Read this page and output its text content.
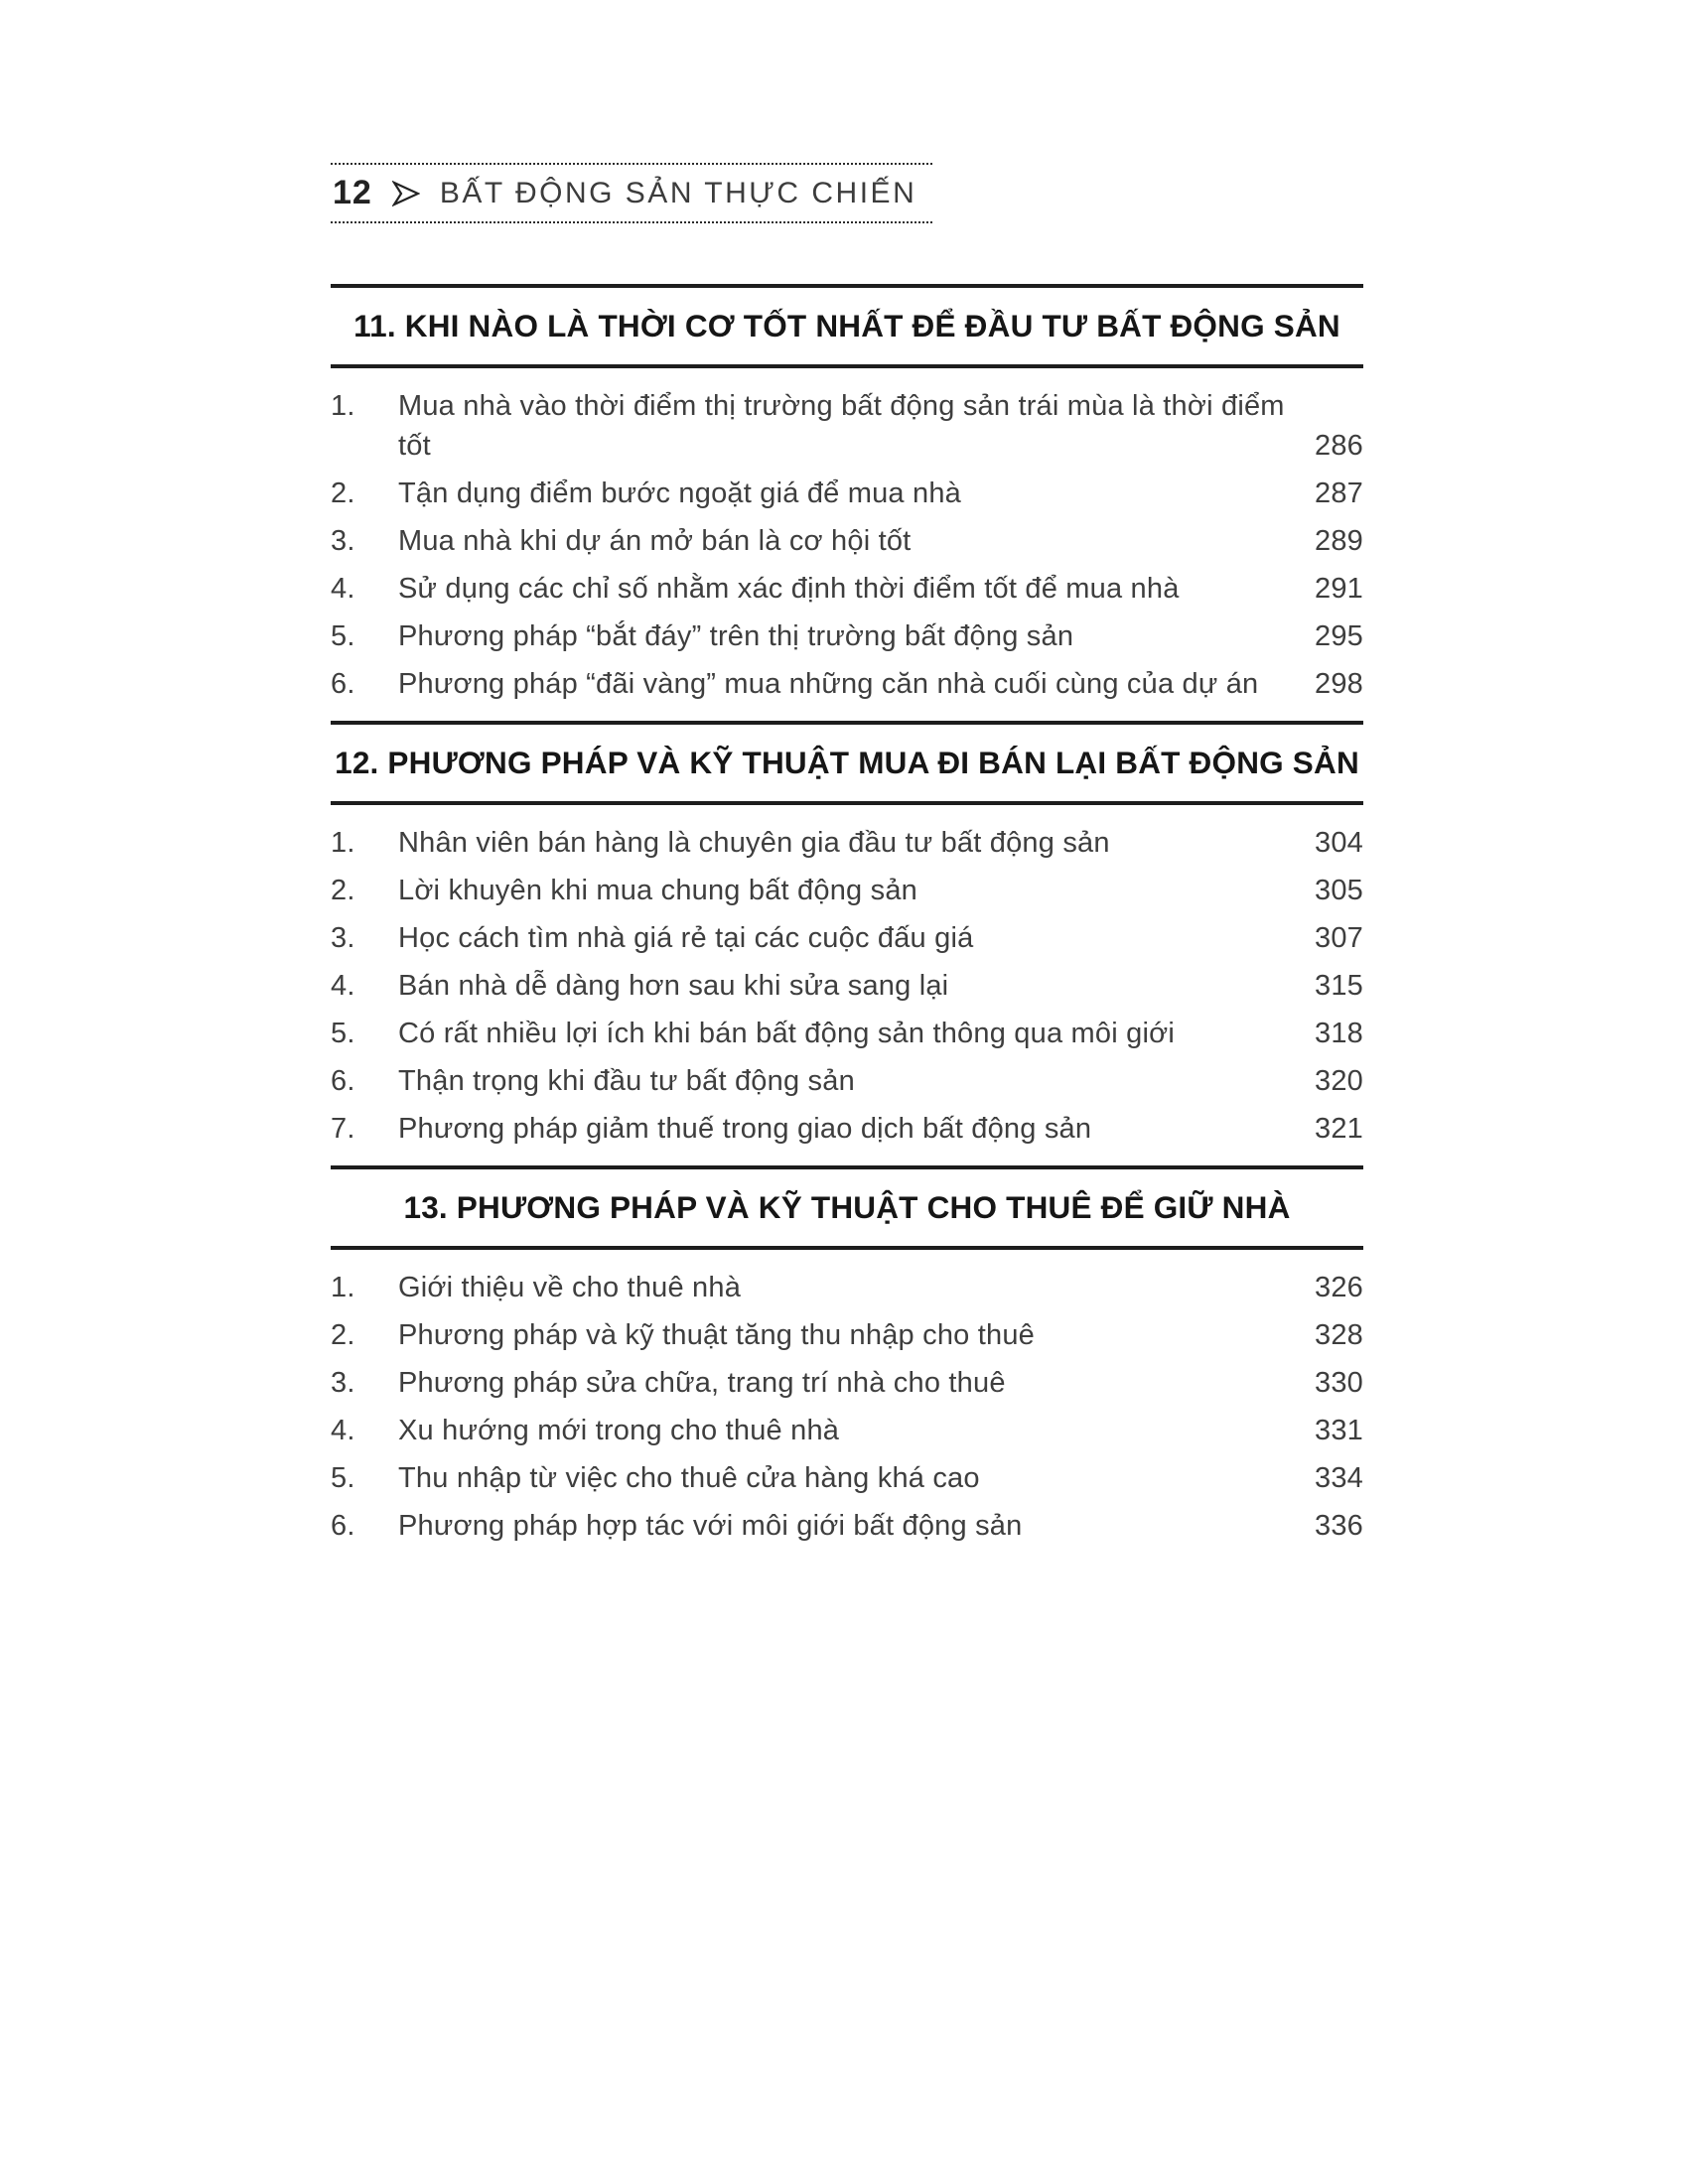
12 BẤT ĐỘNG SẢN THỰC CHIẾN
11. KHI NÀO LÀ THỜI CƠ TỐT NHẤT ĐỂ ĐẦU TƯ BẤT ĐỘNG SẢN
1.	Mua nhà vào thời điểm thị trường bất động sản trái mùa là thời điểm tốt	286
2.	Tận dụng điểm bước ngoặt giá để mua nhà	287
3.	Mua nhà khi dự án mở bán là cơ hội tốt	289
4.	Sử dụng các chỉ số nhằm xác định thời điểm tốt để mua nhà	291
5.	Phương pháp “bắt đáy” trên thị trường bất động sản	295
6.	Phương pháp “đãi vàng” mua những căn nhà cuối cùng của dự án	298
12. PHƯƠNG PHÁP VÀ KỸ THUẬT MUA ĐI BÁN LẠI BẤT ĐỘNG SẢN
1.	Nhân viên bán hàng là chuyên gia đầu tư bất động sản	304
2.	Lời khuyên khi mua chung bất động sản	305
3.	Học cách tìm nhà giá rẻ tại các cuộc đấu giá	307
4.	Bán nhà dễ dàng hơn sau khi sửa sang lại	315
5.	Có rất nhiều lợi ích khi bán bất động sản thông qua môi giới	318
6.	Thận trọng khi đầu tư bất động sản	320
7.	Phương pháp giảm thuế trong giao dịch bất động sản	321
13. PHƯƠNG PHÁP VÀ KỸ THUẬT CHO THUÊ ĐỂ GIỮ NHÀ
1.	Giới thiệu về cho thuê nhà	326
2.	Phương pháp và kỹ thuật tăng thu nhập cho thuê	328
3.	Phương pháp sửa chữa, trang trí nhà cho thuê	330
4.	Xu hướng mới trong cho thuê nhà	331
5.	Thu nhập từ việc cho thuê cửa hàng khá cao	334
6.	Phương pháp hợp tác với môi giới bất động sản	336
